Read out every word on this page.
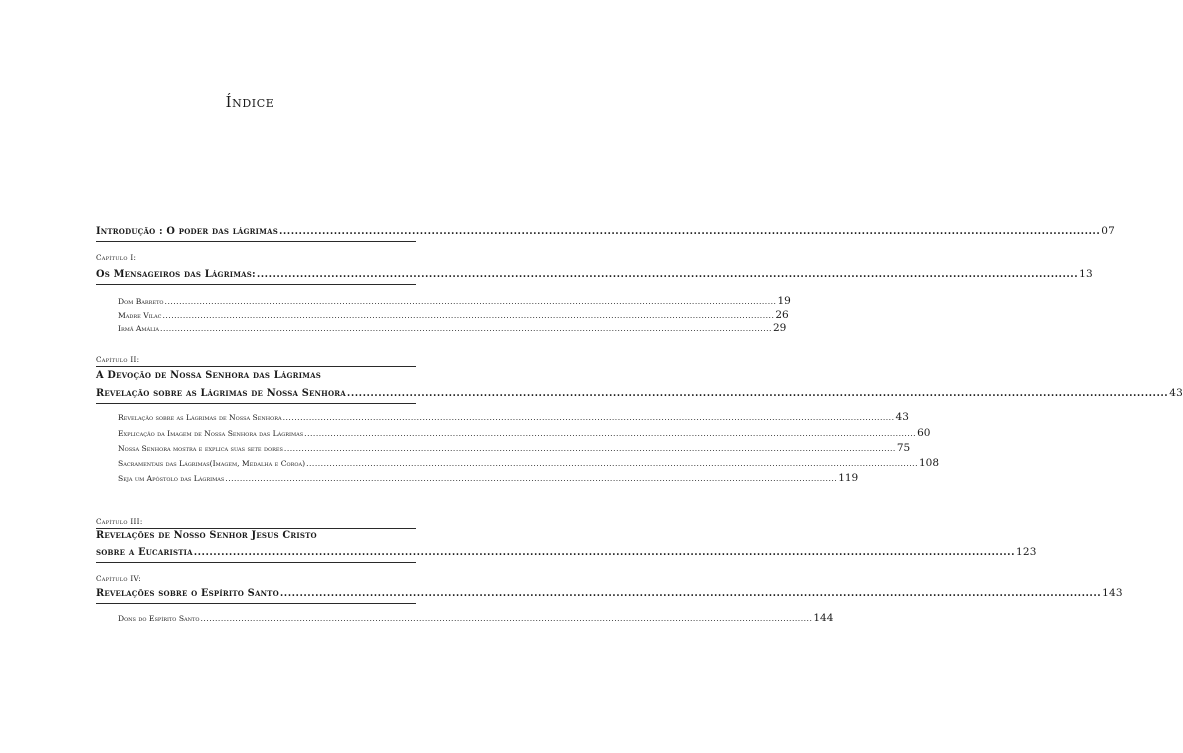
Índice
Introdução : O poder das lágrimas .................................................................................................................................................................................................................. 07
Capítulo I:
Os Mensageiros das Lágrimas: .................................................................................................................................................................................................................. 13
Dom Barreto .................................................................................................................................................................................................................. 19
Madre Vilac .................................................................................................................................................................................................................. 26
Irmã Amália .................................................................................................................................................................................................................. 29
Capítulo II:
A Devoção de Nossa Senhora das Lágrimas
Revelação sobre as Lágrimas de Nossa Senhora .................................................................................................................................................................................................................. 43
Revelação sobre as Lágrimas de Nossa Senhora .................................................................................................................................................................................................................. 43
Explicação da Imagem de Nossa Senhora das Lágrimas .................................................................................................................................................................................................................. 60
Nossa Senhora mostra e explica suas sete dores .................................................................................................................................................................................................................. 75
Sacramentais das Lágrimas(Imagem, Medalha e Coroa) .................................................................................................................................................................................................................. 108
Seja um Apóstolo das Lágrimas .................................................................................................................................................................................................................. 119
Capítulo III:
Revelações de Nosso Senhor Jesus Cristo
sobre a Eucaristia .................................................................................................................................................................................................................. 123
Capítulo IV:
Revelações sobre o Espírito Santo .................................................................................................................................................................................................................. 143
Dons do Espírito Santo .................................................................................................................................................................................................................. 144
